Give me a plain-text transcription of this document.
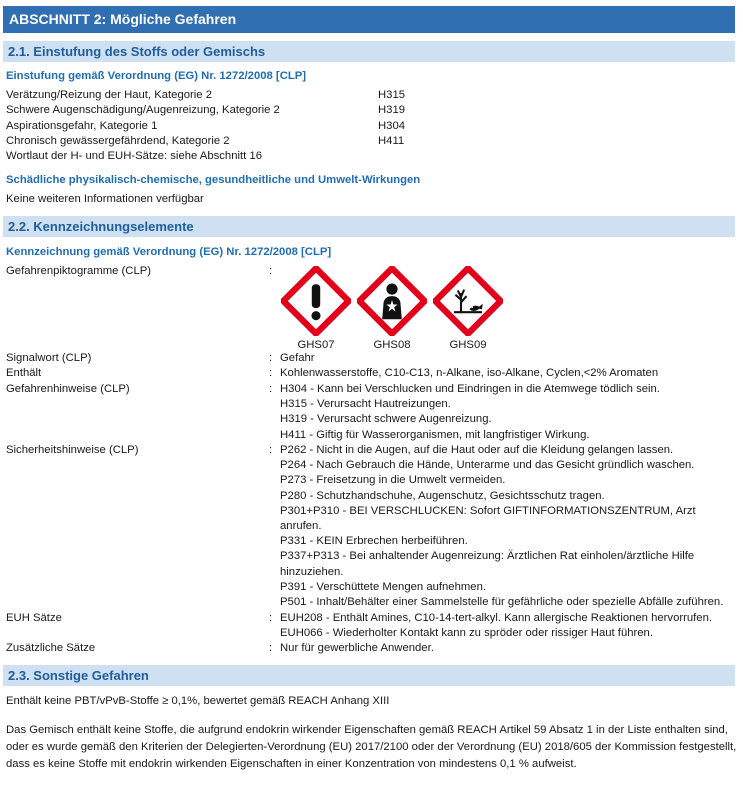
ABSCHNITT 2: Mögliche Gefahren
2.1. Einstufung des Stoffs oder Gemischs
Einstufung gemäß Verordnung (EG) Nr. 1272/2008 [CLP]
Verätzung/Reizung der Haut, Kategorie 2	H315
Schwere Augenschädigung/Augenreizung, Kategorie 2	H319
Aspirationsgefahr, Kategorie 1	H304
Chronisch gewässergefährdend, Kategorie 2	H411
Wortlaut der H- und EUH-Sätze: siehe Abschnitt 16
Schädliche physikalisch-chemische, gesundheitliche und Umwelt-Wirkungen
Keine weiteren Informationen verfügbar
2.2. Kennzeichnungselemente
Kennzeichnung gemäß Verordnung (EG) Nr. 1272/2008 [CLP]
Gefahrenpiktogramme (CLP)	:
GHS07	GHS08	GHS09
Signalwort (CLP)	: Gefahr
Enthält	: Kohlenwasserstoffe, C10-C13, n-Alkane, iso-Alkane, Cyclen,<2% Aromaten
Gefahrenhinweise (CLP)	: H304 - Kann bei Verschlucken und Eindringen in die Atemwege tödlich sein.
H315 - Verursacht Hautreizungen.
H319 - Verursacht schwere Augenreizung.
H411 - Giftig für Wasserorganismen, mit langfristiger Wirkung.
Sicherheitshinweise (CLP)	: P262 - Nicht in die Augen, auf die Haut oder auf die Kleidung gelangen lassen.
P264 - Nach Gebrauch die Hände, Unterarme und das Gesicht gründlich waschen.
P273 - Freisetzung in die Umwelt vermeiden.
P280 - Schutzhandschuhe, Augenschutz, Gesichtsschutz tragen.
P301+P310 - BEI VERSCHLUCKEN: Sofort GIFTINFORMATIONSZENTRUM, Arzt
anrufen.
P331 - KEIN Erbrechen herbeiführen.
P337+P313 - Bei anhaltender Augenreizung: Ärztlichen Rat einholen/ärztliche Hilfe
hinzuziehen.
P391 - Verschüttete Mengen aufnehmen.
P501 - Inhalt/Behälter einer Sammelstelle für gefährliche oder spezielle Abfälle zuführen.
EUH Sätze	: EUH208 - Enthält Amines, C10-14-tert-alkyl. Kann allergische Reaktionen hervorrufen.
EUH066 - Wiederholter Kontakt kann zu spröder oder rissiger Haut führen.
Zusätzliche Sätze	: Nur für gewerbliche Anwender.
2.3. Sonstige Gefahren
Enthält keine PBT/vPvB-Stoffe ≥ 0,1%, bewertet gemäß REACH Anhang XIII
Das Gemisch enthält keine Stoffe, die aufgrund endokrin wirkender Eigenschaften gemäß REACH Artikel 59 Absatz 1 in der Liste enthalten sind,
oder es wurde gemäß den Kriterien der Delegierten-Verordnung (EU) 2017/2100 oder der Verordnung (EU) 2018/605 der Kommission festgestellt,
dass es keine Stoffe mit endokrin wirkenden Eigenschaften in einer Konzentration von mindestens 0,1 % aufweist.
